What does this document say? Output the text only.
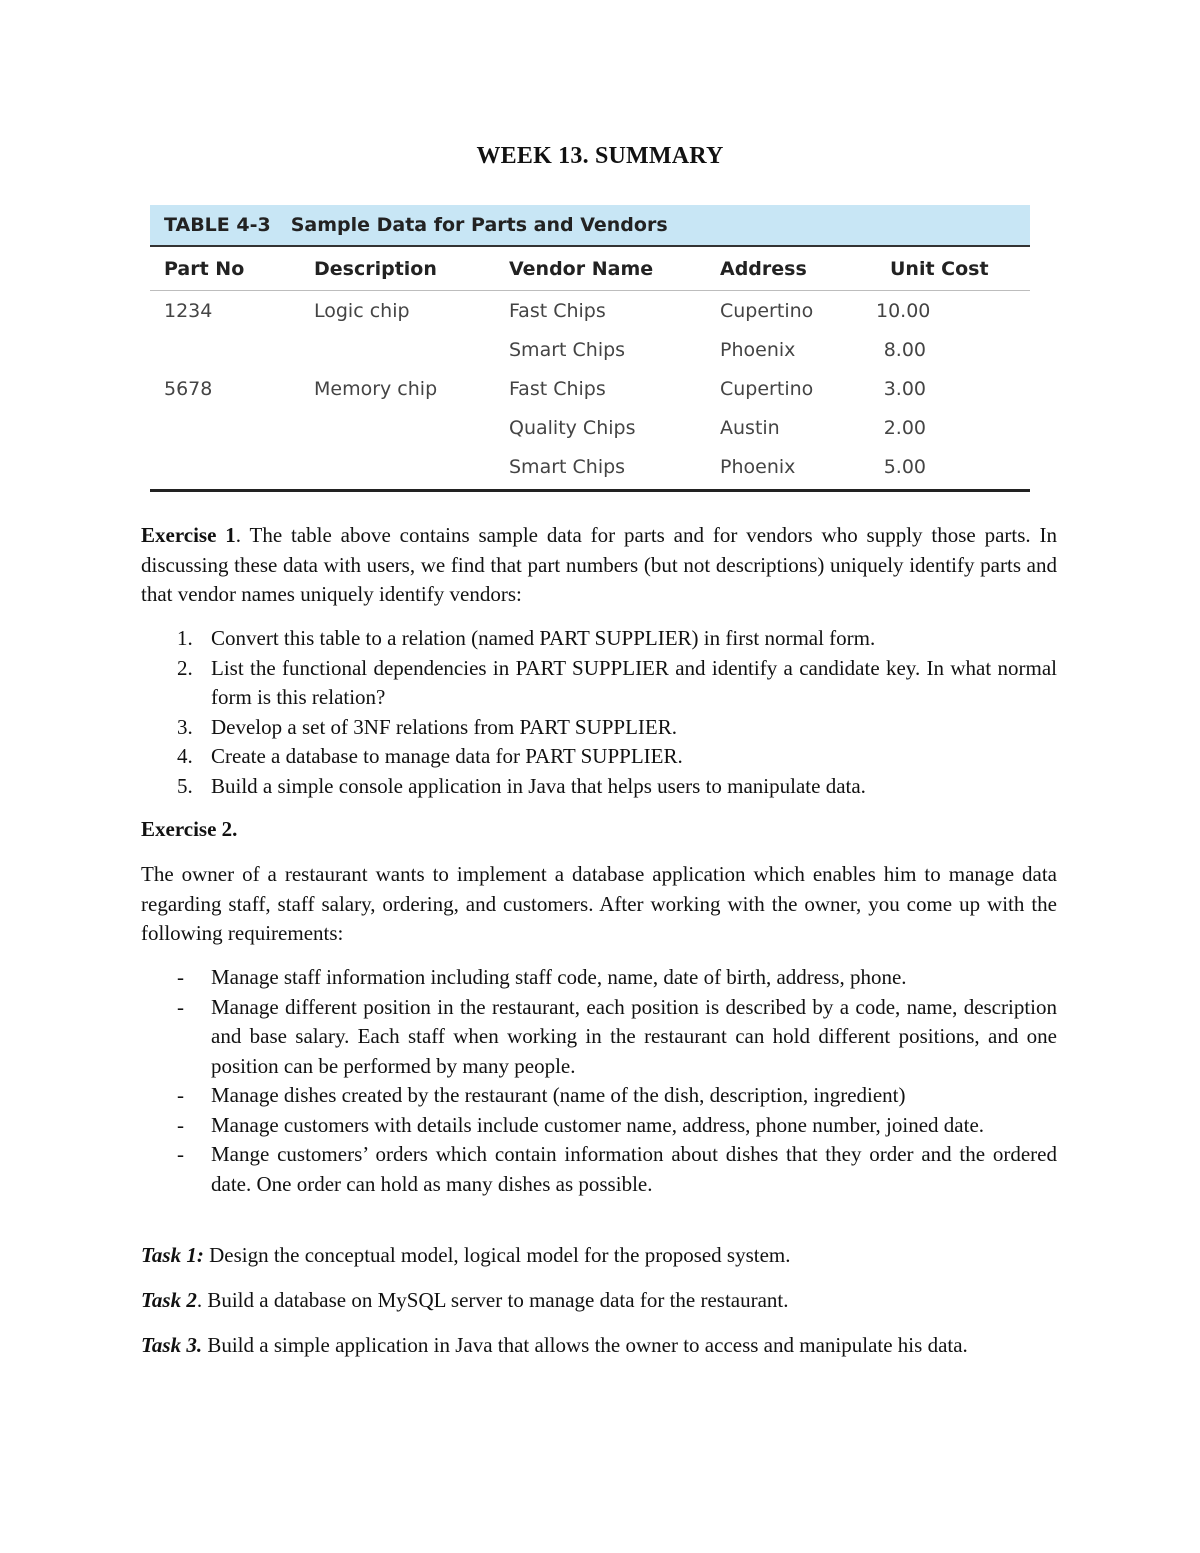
WEEK 13. SUMMARY
TABLE 4-3 Sample Data for Parts and Vendors
Part No	Description	Vendor Name	Address	Unit Cost
1234	Logic chip	Fast Chips	Cupertino	10.00
		Smart Chips	Phoenix	8.00
5678	Memory chip	Fast Chips	Cupertino	3.00
		Quality Chips	Austin	2.00
		Smart Chips	Phoenix	5.00
Exercise 1. The table above contains sample data for parts and for vendors who supply those parts. In discussing these data with users, we find that part numbers (but not descriptions) uniquely identify parts and that vendor names uniquely identify vendors:
1. Convert this table to a relation (named PART SUPPLIER) in first normal form.
2. List the functional dependencies in PART SUPPLIER and identify a candidate key. In what normal form is this relation?
3. Develop a set of 3NF relations from PART SUPPLIER.
4. Create a database to manage data for PART SUPPLIER.
5. Build a simple console application in Java that helps users to manipulate data.
Exercise 2.
The owner of a restaurant wants to implement a database application which enables him to manage data regarding staff, staff salary, ordering, and customers. After working with the owner, you come up with the following requirements:
-	Manage staff information including staff code, name, date of birth, address, phone.
-	Manage different position in the restaurant, each position is described by a code, name, description and base salary. Each staff when working in the restaurant can hold different positions, and one position can be performed by many people.
-	Manage dishes created by the restaurant (name of the dish, description, ingredient)
-	Manage customers with details include customer name, address, phone number, joined date.
-	Mange customers’ orders which contain information about dishes that they order and the ordered date. One order can hold as many dishes as possible.
Task 1: Design the conceptual model, logical model for the proposed system.
Task 2. Build a database on MySQL server to manage data for the restaurant.
Task 3. Build a simple application in Java that allows the owner to access and manipulate his data.
